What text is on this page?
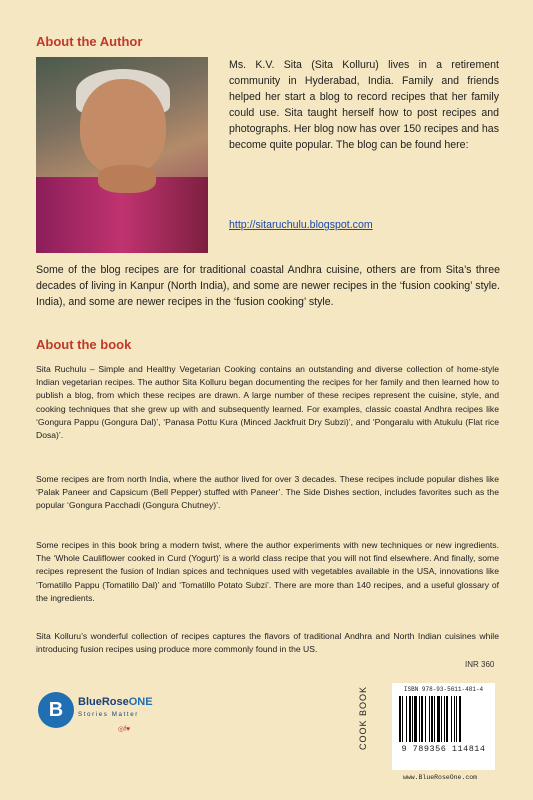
About the Author
Ms. K.V. Sita (Sita Kolluru) lives in a retirement community in Hyderabad, India. Family and friends helped her start a blog to record recipes that her family could use. Sita taught herself how to post recipes and photographs. Her blog now has over 150 recipes and has become quite popular. The blog can be found here:
http://sitaruchulu.blogspot.com
Some of the blog recipes are for traditional coastal Andhra cuisine, others are from Sita’s three decades of living in Kanpur (North India), and some are newer recipes in the ‘fusion cooking’ style. India), and some are newer recipes in the ‘fusion cooking’ style.
About the book
Sita Ruchulu – Simple and Healthy Vegetarian Cooking contains an outstanding and diverse collection of home-style Indian vegetarian recipes. The author Sita Kolluru began documenting the recipes for her family and then learned how to publish a blog, from which these recipes are drawn. A large number of these recipes represent the cuisine, style, and cooking techniques that she grew up with and subsequently learned. For examples, classic coastal Andhra recipes like ‘Gongura Pappu (Gongura Dal)’, ‘Panasa Pottu Kura (Minced Jackfruit Dry Subzi)’, and ‘Pongaralu with Atukulu (Flat rice Dosa)’.
Some recipes are from north India, where the author lived for over 3 decades. These recipes include popular dishes like ‘Palak Paneer and Capsicum (Bell Pepper) stuffed with Paneer’. The Side Dishes section, includes favorites such as the popular ‘Gongura Pacchadi (Gongura Chutney)’.
Some recipes in this book bring a modern twist, where the author experiments with new techniques or new ingredients. The ‘Whole Cauliflower cooked in Curd (Yogurt)’ is a world class recipe that you will not find elsewhere. And finally, some recipes represent the fusion of Indian spices and techniques used with vegetables available in the USA, innovations like ‘Tomatillo Pappu (Tomatillo Dal)’ and ‘Tomatillo Potato Subzi’. There are more than 140 recipes, and a useful glossary of the ingredients.
Sita Kolluru’s wonderful collection of recipes captures the flavors of traditional Andhra and North Indian cuisines while introducing fusion recipes using produce more commonly found in the US.
INR 360
B	BlueRoseONE
Stories Matter
◎f♥	COOK BOOK	ISBN 978-93-5611-481-4
9 789356 114814
www.BlueRoseOne.com
